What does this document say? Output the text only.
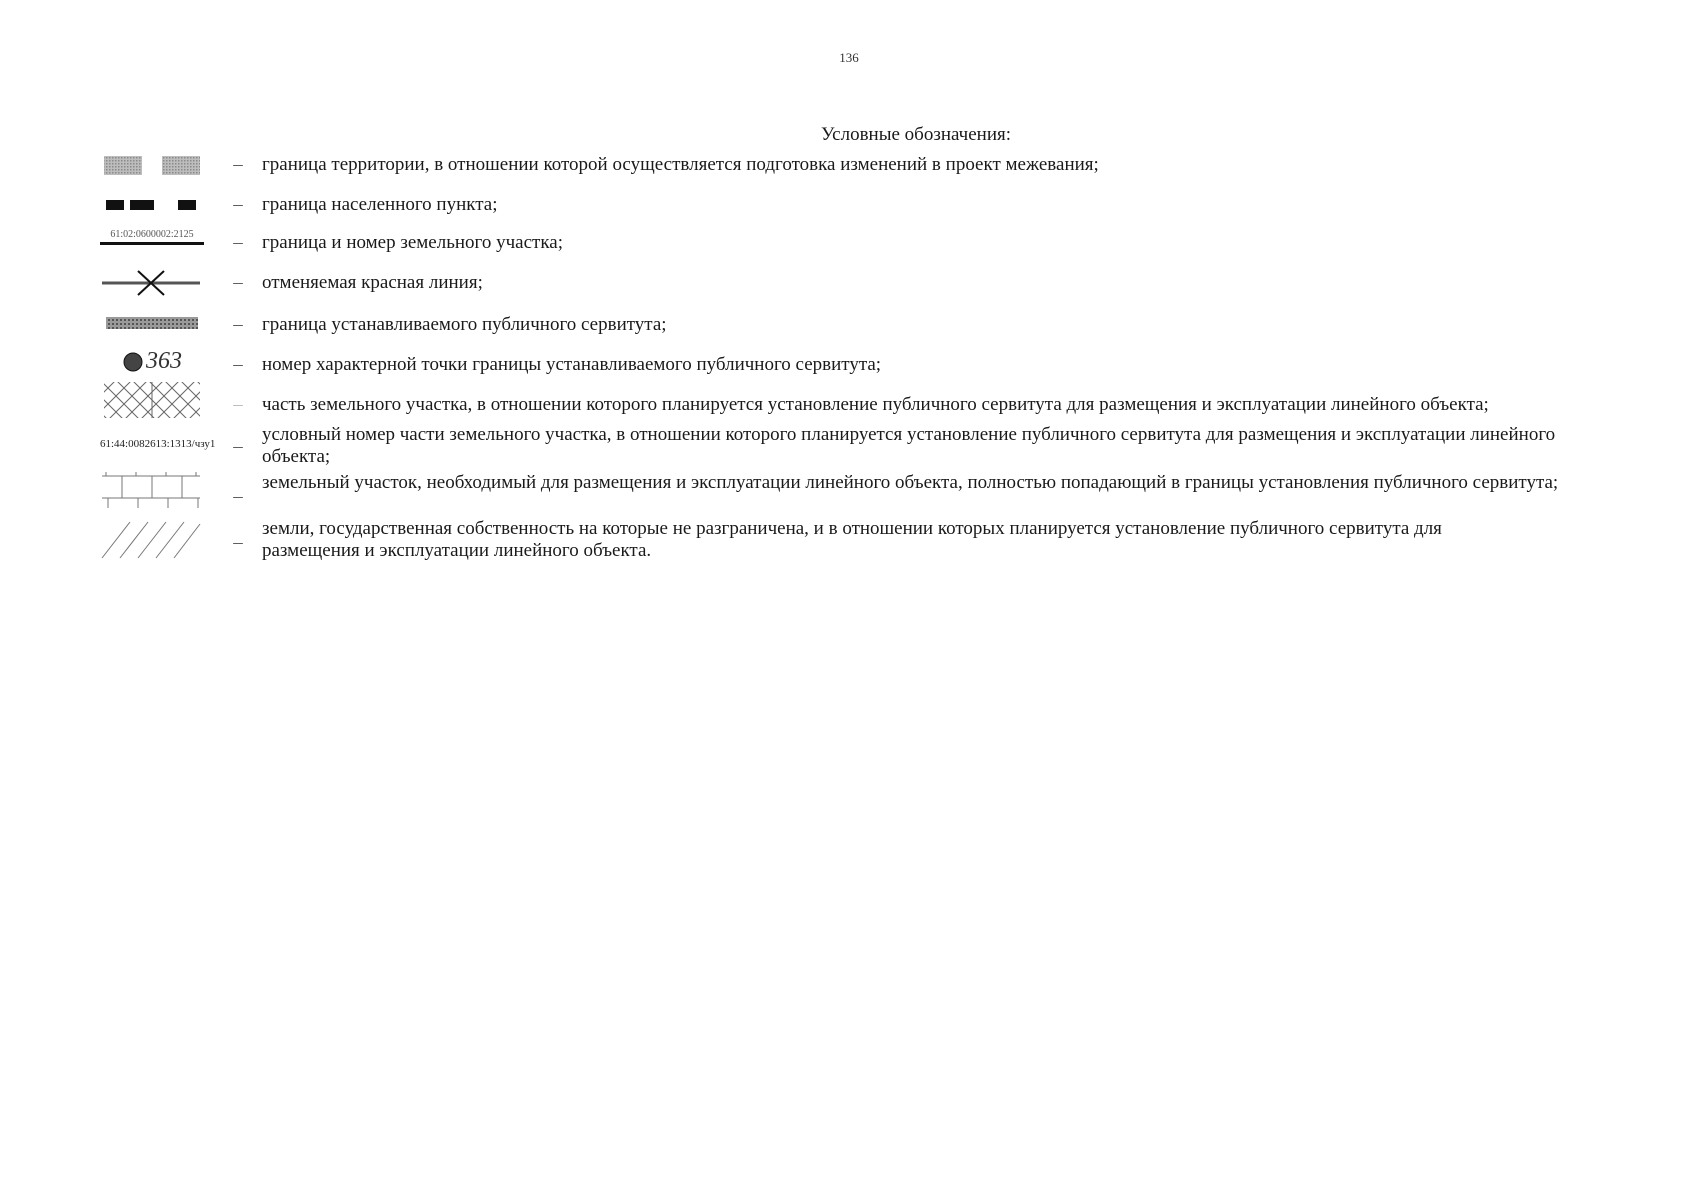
136
Условные обозначения:
– граница территории, в отношении которой осуществляется подготовка изменений в проект межевания;
– граница населенного пункта;
61:02:0600002:2125	– граница и номер земельного участка;
– отменяемая красная линия;
– граница устанавливаемого публичного сервитута;
363	– номер характерной точки границы устанавливаемого публичного сервитута;
– часть земельного участка, в отношении которого планируется установление публичного сервитута для размещения и эксплуатации линейного объекта;
61:44:0082613:1313/чзу1 –
условный номер части земельного участка, в отношении которого планируется установление публичного сервитута для размещения и эксплуатации линейного объекта;
–
земельный участок, необходимый для размещения и эксплуатации линейного объекта, полностью попадающий в границы установления публичного сервитута;
–
земли, государственная собственность на которые не разграничена, и в отношении которых планируется установление публичного сервитута для размещения и эксплуатации линейного объекта.
